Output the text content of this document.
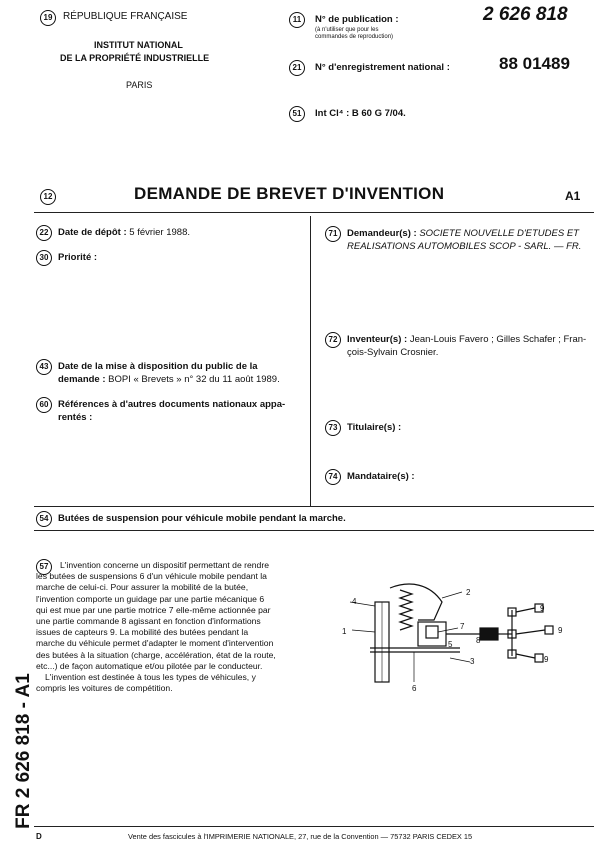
19	RÉPUBLIQUE FRANÇAISE
INSTITUT NATIONAL
DE LA PROPRIÉTÉ INDUSTRIELLE
PARIS
11	N° de publication :
(à n'utiliser que pour les
commandes de reproduction)
2 626 818
21	N° d'enregistrement national :	88 01489
51	Int Cl⁴ : B 60 G 7/04.
12	DEMANDE DE BREVET D'INVENTION	A1
22	Date de dépôt : 5 février 1988.
30	Priorité :
43	Date de la mise à disposition du public de la
demande : BOPI « Brevets » n° 32 du 11 août 1989.
60	Références à d'autres documents nationaux appa-
rentés :
71	Demandeur(s) : SOCIETE NOUVELLE D'ETUDES ET
REALISATIONS AUTOMOBILES SCOP - SARL. — FR.
72	Inventeur(s) : Jean-Louis Favero ; Gilles Schafer ; Fran-
çois-Sylvain Crosnier.
73	Titulaire(s) :
74	Mandataire(s) :
54	Butées de suspension pour véhicule mobile pendant la marche.
57	L'invention concerne un dispositif permettant de rendre
les butées de suspensions 6 d'un véhicule mobile pendant la
marche de celui-ci. Pour assurer la mobilité de la butée,
l'invention comporte un guidage par une partie mécanique 6
qui est mue par une partie motrice 7 elle-même actionnée par
une partie commande 8 agissant en fonction d'informations
issues de capteurs 9. La mobilité des butées pendant la
marche du véhicule permet d'adapter le moment d'intervention
des butées à la situation (charge, accélération, état de la route,
etc...) de façon automatique et/ou pilotée par le conducteur.
L'invention est destinée à tous les types de véhicules, y
compris les voitures de compétition.
4
2
1
7
8
5
3
6
9
9
9
FR 2 626 818 - A1
D	Vente des fascicules à l'IMPRIMERIE NATIONALE, 27, rue de la Convention — 75732 PARIS CEDEX 15
